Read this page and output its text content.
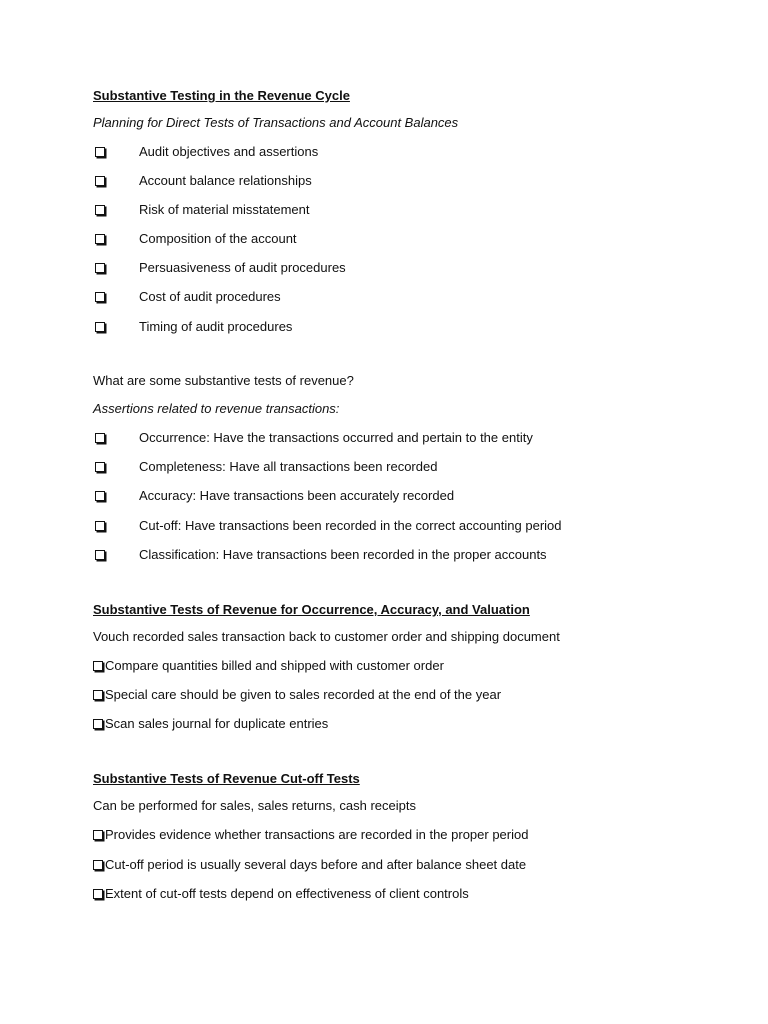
Substantive Testing in the Revenue Cycle
Planning for Direct Tests of Transactions and Account Balances
Audit objectives and assertions
Account balance relationships
Risk of material misstatement
Composition of the account
Persuasiveness of audit procedures
Cost of audit procedures
Timing of audit procedures
What are some substantive tests of revenue?
Assertions related to revenue transactions:
Occurrence: Have the transactions occurred and pertain to the entity
Completeness: Have all transactions been recorded
Accuracy: Have transactions been accurately recorded
Cut-off: Have transactions been recorded in the correct accounting period
Classification: Have transactions been recorded in the proper accounts
Substantive Tests of Revenue for Occurrence, Accuracy, and Valuation
Vouch recorded sales transaction back to customer order and shipping document
Compare quantities billed and shipped with customer order
Special care should be given to sales recorded at the end of the year
Scan sales journal for duplicate entries
Substantive Tests of Revenue Cut-off Tests
Can be performed for sales, sales returns, cash receipts
Provides evidence whether transactions are recorded in the proper period
Cut-off period is usually several days before and after balance sheet date
Extent of cut-off tests depend on effectiveness of client controls
